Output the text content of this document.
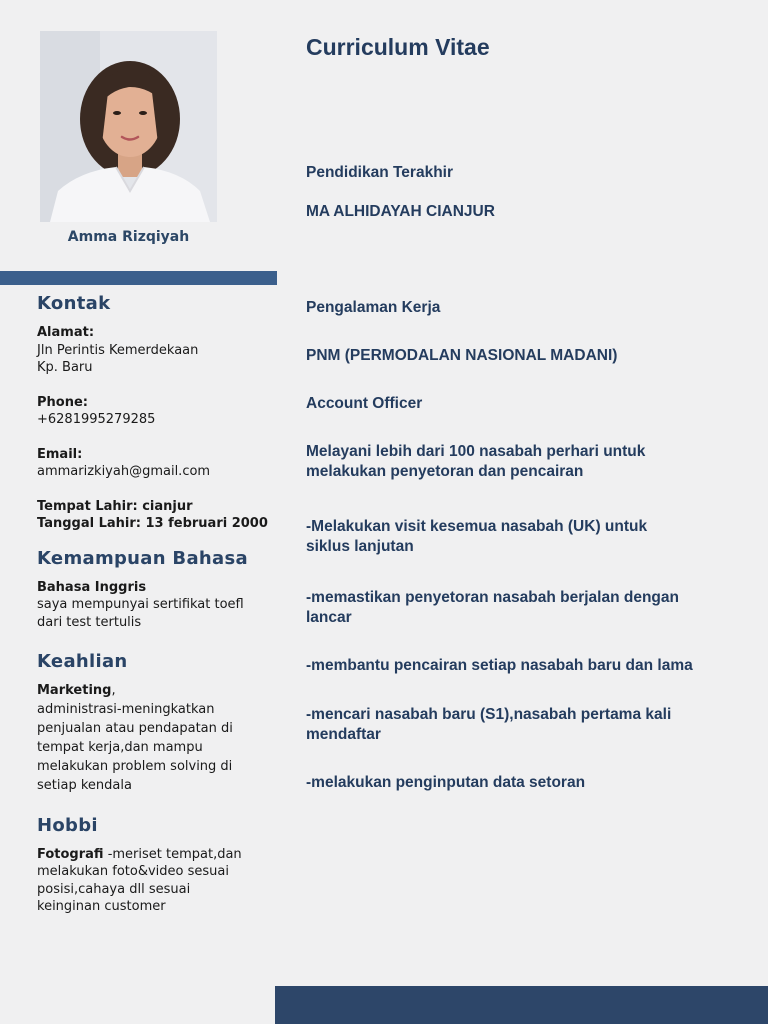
Amma Rizqiyah
Kontak
Alamat:
Jln Perintis Kemerdekaan
Kp. Baru
Phone:
+6281995279285
Email:
ammarizkiyah@gmail.com
Tempat Lahir: cianjur
Tanggal Lahir: 13 februari 2000
Kemampuan Bahasa
Bahasa Inggris
saya mempunyai sertifikat toefl
dari test tertulis
Keahlian
Marketing,
administrasi-meningkatkan
penjualan atau pendapatan di
tempat kerja,dan mampu
melakukan problem solving di
setiap kendala
Hobbi
Fotografi -meriset tempat,dan
melakukan foto&video sesuai
posisi,cahaya dll sesuai
keinginan customer
Curriculum Vitae
Pendidikan Terakhir
MA ALHIDAYAH CIANJUR
Pengalaman Kerja
PNM (PERMODALAN NASIONAL MADANI)
Account Officer
Melayani lebih dari 100 nasabah perhari untuk
melakukan penyetoran dan pencairan
-Melakukan visit kesemua nasabah (UK) untuk
siklus lanjutan
-memastikan penyetoran nasabah berjalan dengan
lancar
-membantu pencairan setiap nasabah baru dan lama
-mencari nasabah baru (S1),nasabah pertama kali
mendaftar
-melakukan penginputan data setoran
